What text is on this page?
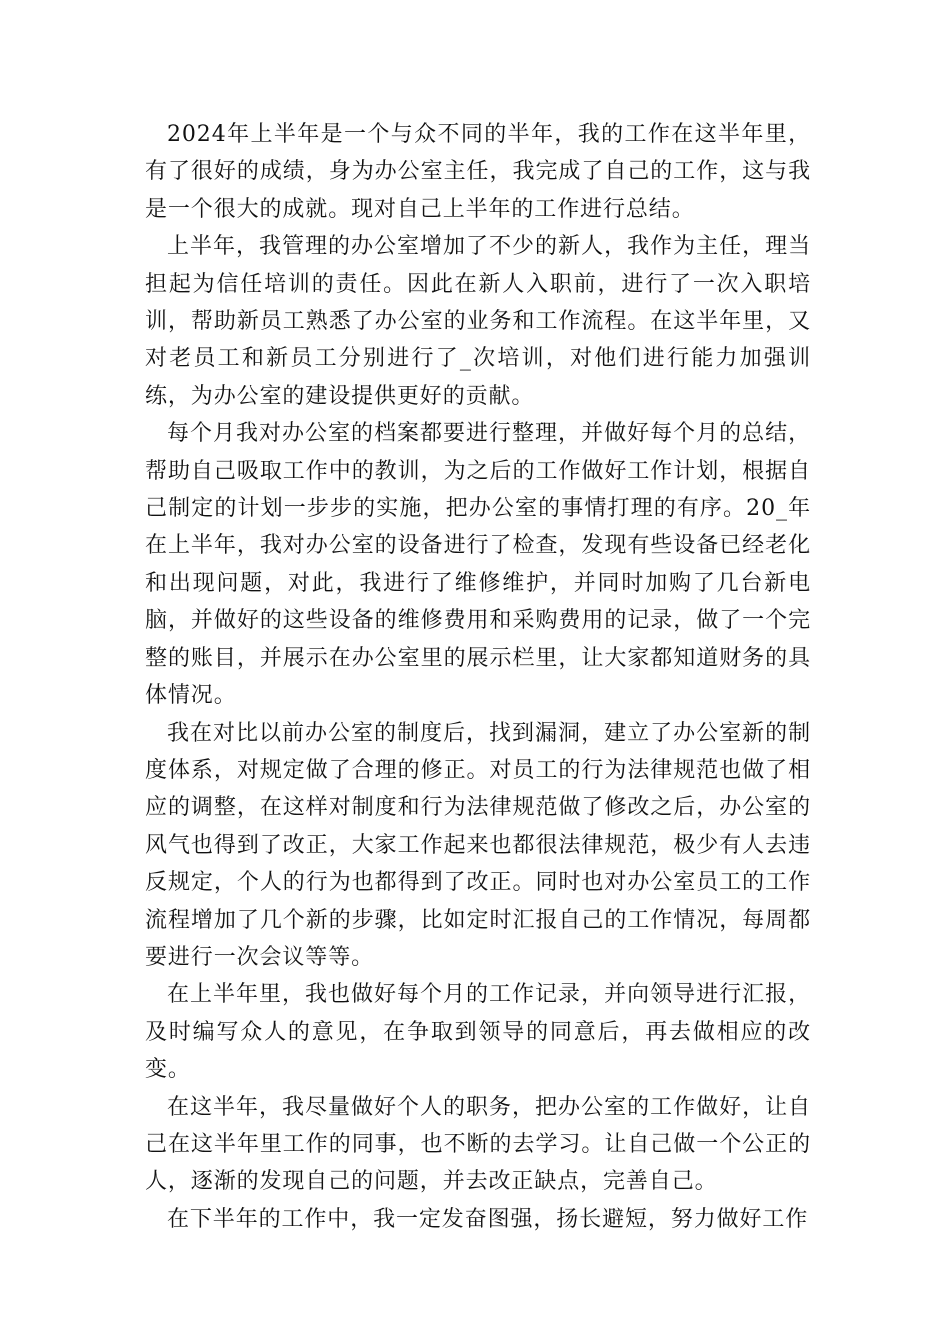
2024年上半年是一个与众不同的半年，我的工作在这半年里，有了很好的成绩，身为办公室主任，我完成了自己的工作，这与我是一个很大的成就。现对自己上半年的工作进行总结。

上半年，我管理的办公室增加了不少的新人，我作为主任，理当担起为信任培训的责任。因此在新人入职前，进行了一次入职培训，帮助新员工熟悉了办公室的业务和工作流程。在这半年里，又对老员工和新员工分别进行了_次培训，对他们进行能力加强训练，为办公室的建设提供更好的贡献。

每个月我对办公室的档案都要进行整理，并做好每个月的总结，帮助自己吸取工作中的教训，为之后的工作做好工作计划，根据自己制定的计划一步步的实施，把办公室的事情打理的有序。20_年在上半年，我对办公室的设备进行了检查，发现有些设备已经老化和出现问题，对此，我进行了维修维护，并同时加购了几台新电脑，并做好的这些设备的维修费用和采购费用的记录，做了一个完整的账目，并展示在办公室里的展示栏里，让大家都知道财务的具体情况。

我在对比以前办公室的制度后，找到漏洞，建立了办公室新的制度体系，对规定做了合理的修正。对员工的行为法律规范也做了相应的调整，在这样对制度和行为法律规范做了修改之后，办公室的风气也得到了改正，大家工作起来也都很法律规范，极少有人去违反规定，个人的行为也都得到了改正。同时也对办公室员工的工作流程增加了几个新的步骤，比如定时汇报自己的工作情况，每周都要进行一次会议等等。

在上半年里，我也做好每个月的工作记录，并向领导进行汇报，及时编写众人的意见，在争取到领导的同意后，再去做相应的改变。

在这半年，我尽量做好个人的职务，把办公室的工作做好，让自己在这半年里工作的同事，也不断的去学习。让自己做一个公正的人，逐渐的发现自己的问题，并去改正缺点，完善自己。

在下半年的工作中，我一定发奋图强，扬长避短，努力做好工作
